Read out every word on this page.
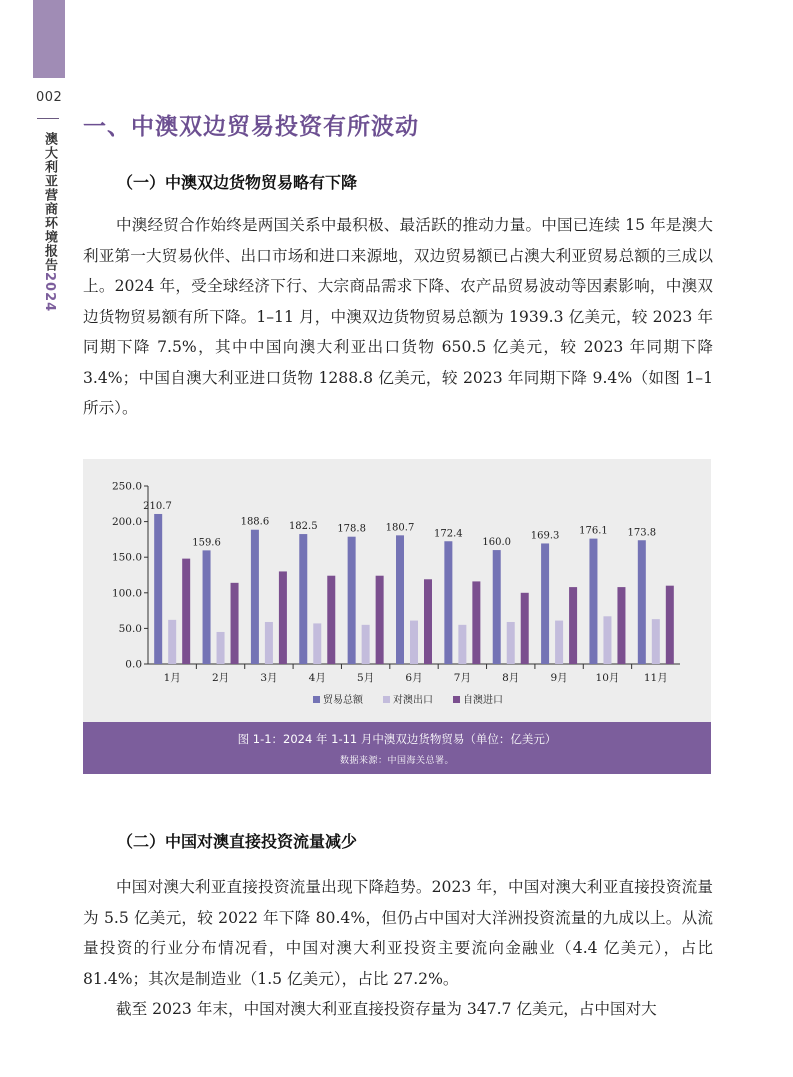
002
澳大利亚营商环境报告2024
一、中澳双边贸易投资有所波动
（一）中澳双边货物贸易略有下降

中澳经贸合作始终是两国关系中最积极、最活跃的推动力量。中国已连续 15 年是澳大利亚第一大贸易伙伴、出口市场和进口来源地，双边贸易额已占澳大利亚贸易总额的三成以上。2024 年，受全球经济下行、大宗商品需求下降、农产品贸易波动等因素影响，中澳双边货物贸易额有所下降。1–11 月，中澳双边货物贸易总额为 1939.3 亿美元，较 2023 年同期下降 7.5%，其中中国向澳大利亚出口货物 650.5 亿美元，较 2023 年同期下降 3.4%；中国自澳大利亚进口货物 1288.8 亿美元，较 2023 年同期下降 9.4%（如图 1–1 所示）。

0.0
50.0
100.0
150.0
200.0
250.0
210.7
1月
159.6
2月
188.6
3月
182.5
4月
178.8
5月
180.7
6月
172.4
7月
160.0
8月
169.3
9月
176.1
10月
173.8
11月
贸易总额	对澳出口	自澳进口
图 1-1：2024 年 1-11 月中澳双边货物贸易（单位：亿美元）
数据来源：中国海关总署。
（二）中国对澳直接投资流量减少

中国对澳大利亚直接投资流量出现下降趋势。2023 年，中国对澳大利亚直接投资流量为 5.5 亿美元，较 2022 年下降 80.4%，但仍占中国对大洋洲投资流量的九成以上。从流量投资的行业分布情况看，中国对澳大利亚投资主要流向金融业（4.4 亿美元），占比 81.4%；其次是制造业（1.5 亿美元），占比 27.2%。

截至 2023 年末，中国对澳大利亚直接投资存量为 347.7 亿美元，占中国对大
